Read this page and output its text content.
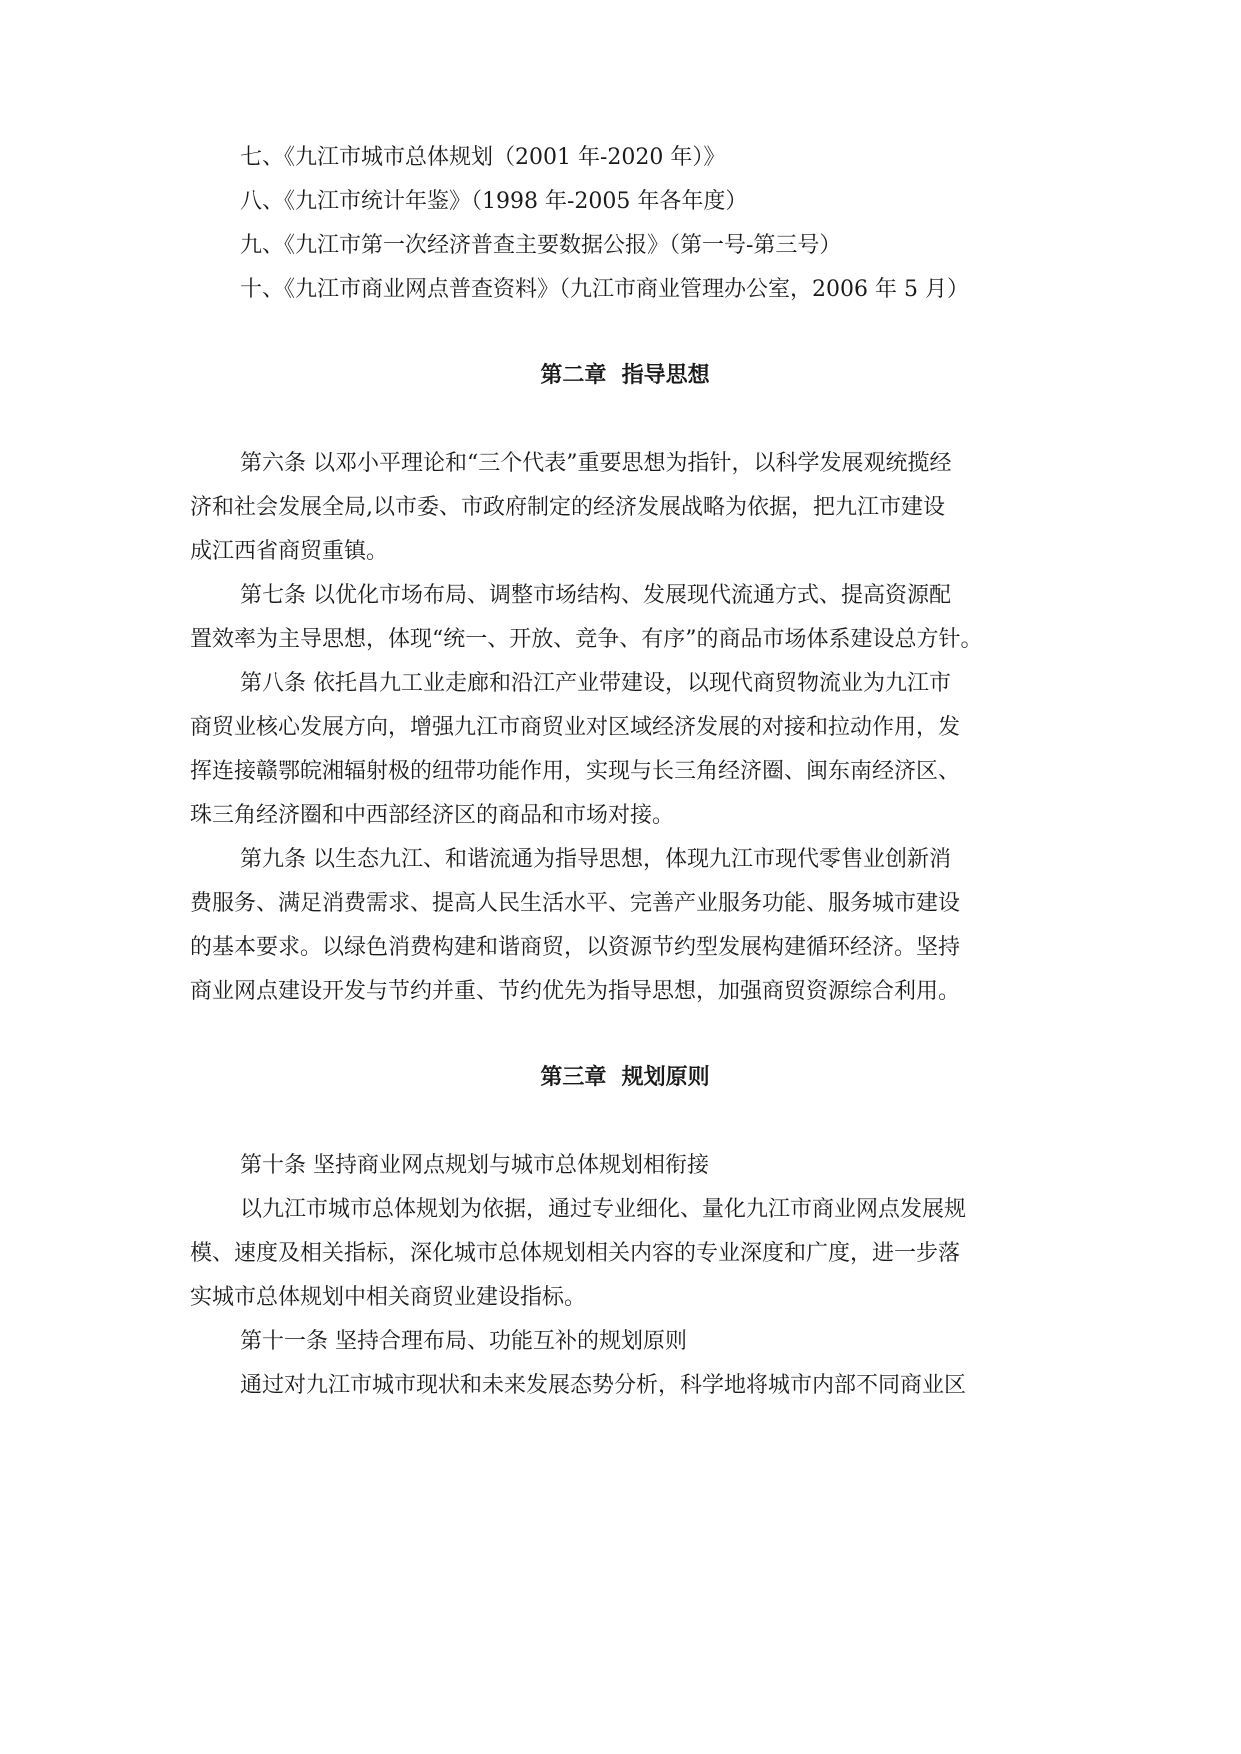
七、《九江市城市总体规划（2001 年-2020 年）》

八、《九江市统计年鉴》（1998 年-2005 年各年度）

九、《九江市第一次经济普查主要数据公报》（第一号-第三号）

十、《九江市商业网点普查资料》（九江市商业管理办公室，2006 年 5 月）

第二章  指导思想

第六条 以邓小平理论和“三个代表”重要思想为指针，以科学发展观统揽经

济和社会发展全局,以市委、市政府制定的经济发展战略为依据，把九江市建设

成江西省商贸重镇。

第七条 以优化市场布局、调整市场结构、发展现代流通方式、提高资源配

置效率为主导思想，体现“统一、开放、竞争、有序”的商品市场体系建设总方针。

第八条 依托昌九工业走廊和沿江产业带建设，以现代商贸物流业为九江市

商贸业核心发展方向，增强九江市商贸业对区域经济发展的对接和拉动作用，发

挥连接赣鄂皖湘辐射极的纽带功能作用，实现与长三角经济圈、闽东南经济区、

珠三角经济圈和中西部经济区的商品和市场对接。

第九条 以生态九江、和谐流通为指导思想，体现九江市现代零售业创新消

费服务、满足消费需求、提高人民生活水平、完善产业服务功能、服务城市建设

的基本要求。以绿色消费构建和谐商贸，以资源节约型发展构建循环经济。坚持

商业网点建设开发与节约并重、节约优先为指导思想，加强商贸资源综合利用。

第三章  规划原则

第十条 坚持商业网点规划与城市总体规划相衔接

以九江市城市总体规划为依据，通过专业细化、量化九江市商业网点发展规

模、速度及相关指标，深化城市总体规划相关内容的专业深度和广度，进一步落

实城市总体规划中相关商贸业建设指标。

第十一条 坚持合理布局、功能互补的规划原则

通过对九江市城市现状和未来发展态势分析，科学地将城市内部不同商业区
